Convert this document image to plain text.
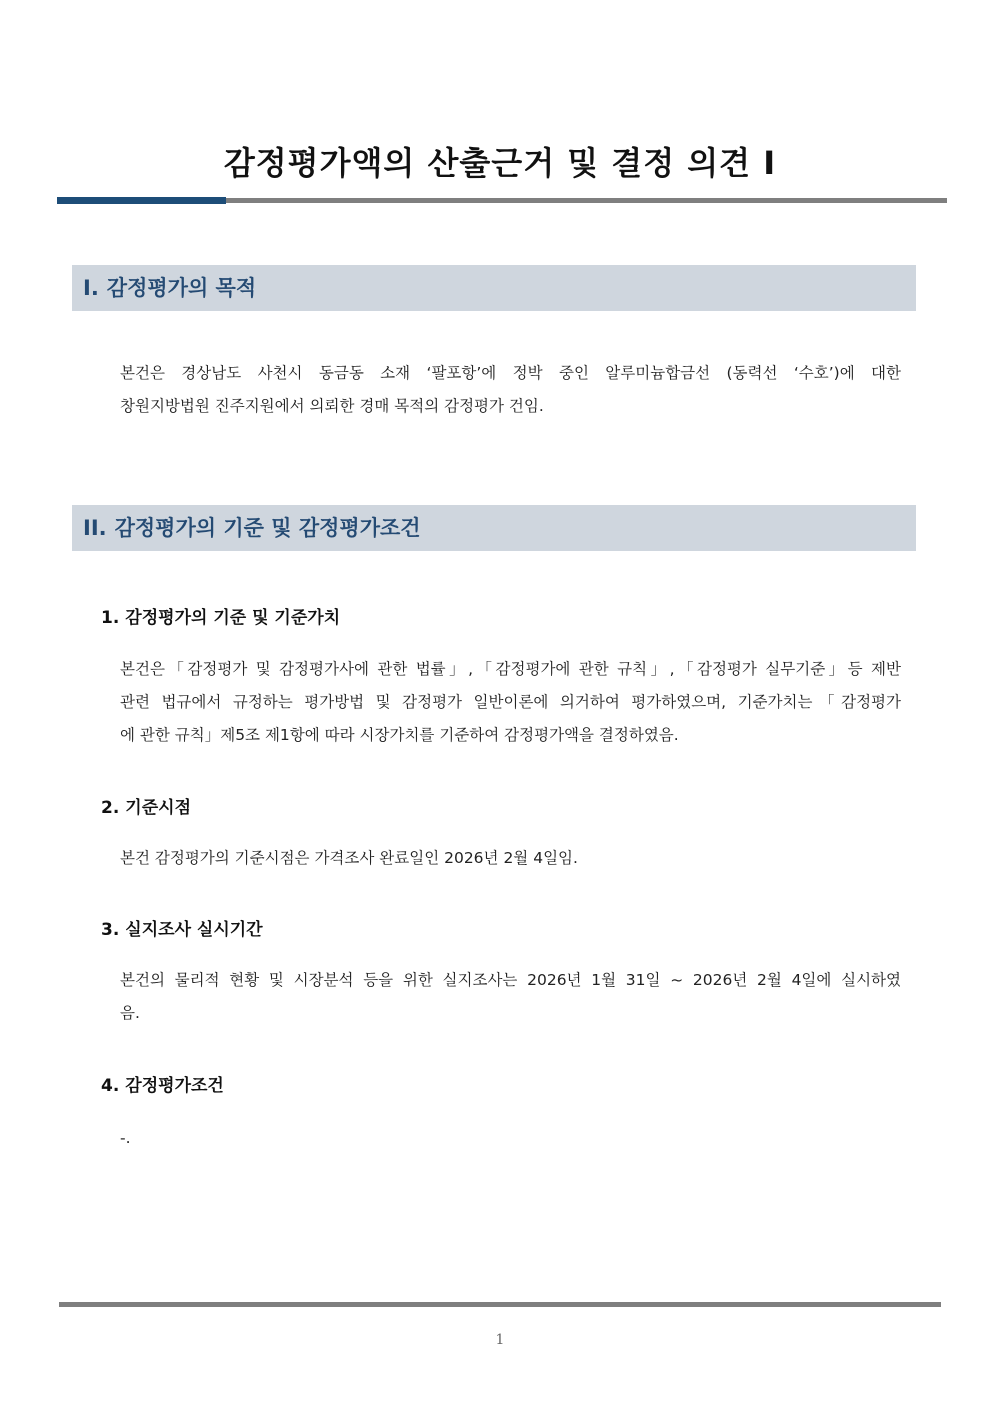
감정평가액의 산출근거 및 결정 의견 I
I. 감정평가의 목적
본건은 경상남도 사천시 동금동 소재 ‘팔포항’에 정박 중인 알루미늄합금선 (동력선 ‘수호’)에 대한
창원지방법원 진주지원에서 의뢰한 경매 목적의 감정평가 건임.
II. 감정평가의 기준 및 감정평가조건
1. 감정평가의 기준 및 기준가치
본건은「감정평가 및 감정평가사에 관한 법률」,「감정평가에 관한 규칙」,「감정평가 실무기준」등 제반
관련 법규에서 규정하는 평가방법 및 감정평가 일반이론에 의거하여 평가하였으며, 기준가치는「감정평가
에 관한 규칙」제5조 제1항에 따라 시장가치를 기준하여 감정평가액을 결정하였음.
2. 기준시점
본건 감정평가의 기준시점은 가격조사 완료일인 2026년 2월 4일임.
3. 실지조사 실시기간
본건의 물리적 현황 및 시장분석 등을 위한 실지조사는 2026년 1월 31일 ~ 2026년 2월 4일에 실시하였
음.
4. 감정평가조건
-.
1
